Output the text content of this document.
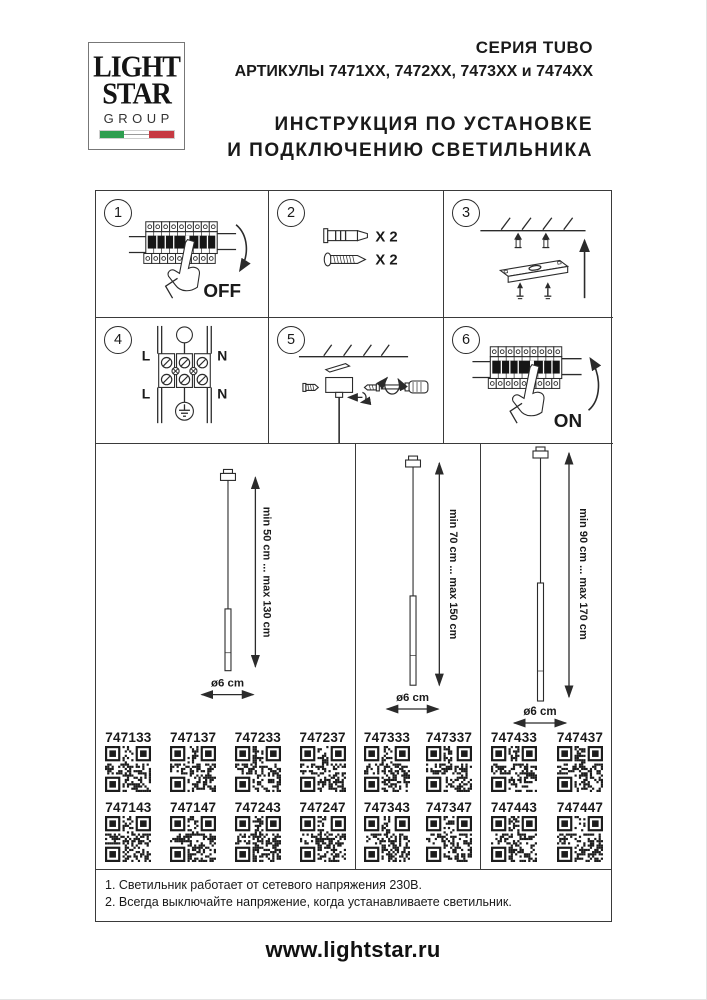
LIGHT
STAR
GROUP
СЕРИЯ TUBO
АРТИКУЛЫ 7471XX, 7472XX, 7473XX и 7474XX
ИНСТРУКЦИЯ ПО УСТАНОВКЕ
И ПОДКЛЮЧЕНИЮ СВЕТИЛЬНИКА
1
OFF
2
X 2
X 2
3
4
L	N
L	N
5	6
ON
min 50 cm ... max 130 cm
ø6 cm
747133 747137 747233 747237
747143 747147 747243 747247
min 70 cm ... max 150 cm
ø6 cm
747333 747337
747343 747347
min 90 cm ... max 170 cm
ø6 cm
747433 747437
747443 747447
1. Светильник работает от сетевого напряжения 230В.
2. Всегда выключайте напряжение, когда устанавливаете светильник.
www.lightstar.ru
